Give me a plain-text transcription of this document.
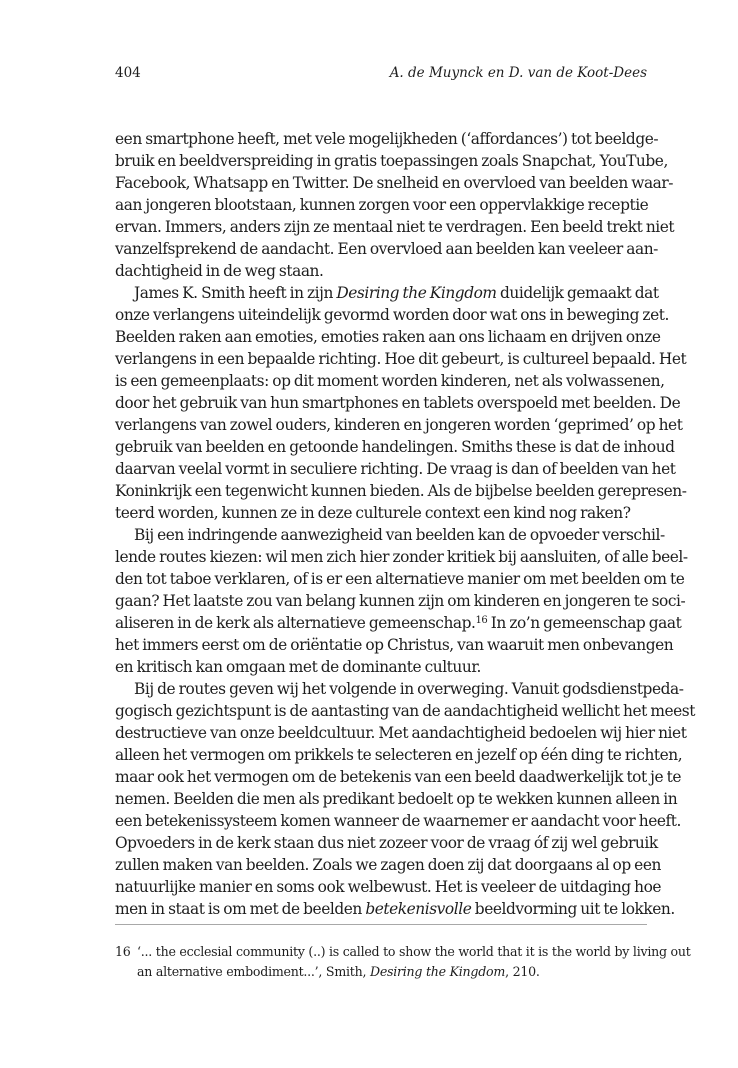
404	A. de Muynck en D. van de Koot-Dees
een smartphone heeft, met vele mogelijkheden (‘affordances’) tot beeldge-
bruik en beeldverspreiding in gratis toepassingen zoals Snapchat, YouTube,
Facebook, Whatsapp en Twitter. De snelheid en overvloed van beelden waar-
aan jongeren blootstaan, kunnen zorgen voor een oppervlakkige receptie
ervan. Immers, anders zijn ze mentaal niet te verdragen. Een beeld trekt niet
vanzelfsprekend de aandacht. Een overvloed aan beelden kan veeleer aan-
dachtigheid in de weg staan.
James K. Smith heeft in zijn Desiring the Kingdom duidelijk gemaakt dat
onze verlangens uiteindelijk gevormd worden door wat ons in beweging zet.
Beelden raken aan emoties, emoties raken aan ons lichaam en drijven onze
verlangens in een bepaalde richting. Hoe dit gebeurt, is cultureel bepaald. Het
is een gemeenplaats: op dit moment worden kinderen, net als volwassenen,
door het gebruik van hun smartphones en tablets overspoeld met beelden. De
verlangens van zowel ouders, kinderen en jongeren worden ‘geprimed’ op het
gebruik van beelden en getoonde handelingen. Smiths these is dat de inhoud
daarvan veelal vormt in seculiere richting. De vraag is dan of beelden van het
Koninkrijk een tegenwicht kunnen bieden. Als de bijbelse beelden gerepresen-
teerd worden, kunnen ze in deze culturele context een kind nog raken?
Bij een indringende aanwezigheid van beelden kan de opvoeder verschil-
lende routes kiezen: wil men zich hier zonder kritiek bij aansluiten, of alle beel-
den tot taboe verklaren, of is er een alternatieve manier om met beelden om te
gaan? Het laatste zou van belang kunnen zijn om kinderen en jongeren te soci-
aliseren in de kerk als alternatieve gemeenschap.$^{16}$ In zo’n gemeenschap gaat
het immers eerst om de oriëntatie op Christus, van waaruit men onbevangen
en kritisch kan omgaan met de dominante cultuur.
Bij de routes geven wij het volgende in overweging. Vanuit godsdienstpeda-
gogisch gezichtspunt is de aantasting van de aandachtigheid wellicht het meest
destructieve van onze beeldcultuur. Met aandachtigheid bedoelen wij hier niet
alleen het vermogen om prikkels te selecteren en jezelf op één ding te richten,
maar ook het vermogen om de betekenis van een beeld daadwerkelijk tot je te
nemen. Beelden die men als predikant bedoelt op te wekken kunnen alleen in
een betekenissysteem komen wanneer de waarnemer er aandacht voor heeft.
Opvoeders in de kerk staan dus niet zozeer voor de vraag óf zij wel gebruik
zullen maken van beelden. Zoals we zagen doen zij dat doorgaans al op een
natuurlijke manier en soms ook welbewust. Het is veeleer de uitdaging hoe
men in staat is om met de beelden betekenisvolle beeldvorming uit te lokken.
16 ‘... the ecclesial community (..) is called to show the world that it is the world by living out
an alternative embodiment...’, Smith, Desiring the Kingdom, 210.
